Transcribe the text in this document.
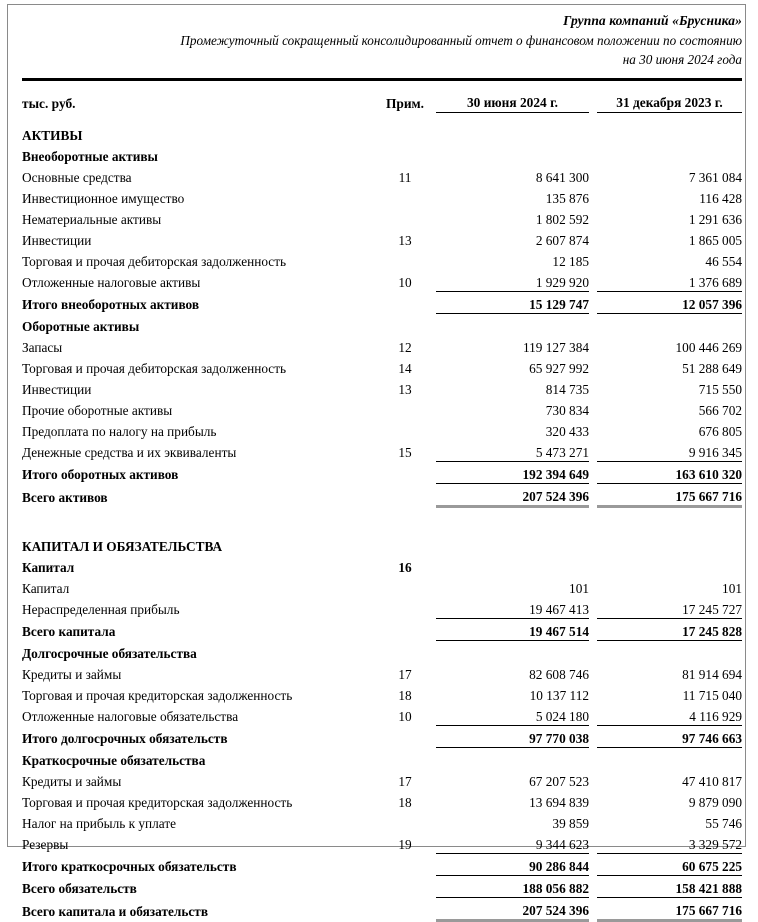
Группа компаний «Брусника»
Промежуточный сокращенный консолидированный отчет о финансовом положении по состоянию
на 30 июня 2024 года
тыс. руб.	Прим.	30 июня 2024 г.		31 декабря 2023 г.

АКТИВЫ				
Внеоборотные активы				
Основные средства	11	8 641 300		7 361 084
Инвестиционное имущество		135 876		116 428
Нематериальные активы		1 802 592		1 291 636
Инвестиции	13	2 607 874		1 865 005
Торговая и прочая дебиторская задолженность		12 185		46 554
Отложенные налоговые активы	10	1 929 920		1 376 689
Итого внеоборотных активов		15 129 747		12 057 396
Оборотные активы				
Запасы	12	119 127 384		100 446 269
Торговая и прочая дебиторская задолженность	14	65 927 992		51 288 649
Инвестиции	13	814 735		715 550
Прочие оборотные активы		730 834		566 702
Предоплата по налогу на прибыль		320 433		676 805
Денежные средства и их эквиваленты	15	5 473 271		9 916 345
Итого оборотных активов		192 394 649		163 610 320
Всего активов		207 524 396		175 667 716

КАПИТАЛ И ОБЯЗАТЕЛЬСТВА				
Капитал	16			
Капитал		101		101
Нераспределенная прибыль		19 467 413		17 245 727
Всего капитала		19 467 514		17 245 828
Долгосрочные обязательства				
Кредиты и займы	17	82 608 746		81 914 694
Торговая и прочая кредиторская задолженность	18	10 137 112		11 715 040
Отложенные налоговые обязательства	10	5 024 180		4 116 929
Итого долгосрочных обязательств		97 770 038		97 746 663
Краткосрочные обязательства				
Кредиты и займы	17	67 207 523		47 410 817
Торговая и прочая кредиторская задолженность	18	13 694 839		9 879 090
Налог на прибыль к уплате		39 859		55 746
Резервы	19	9 344 623		3 329 572
Итого краткосрочных обязательств		90 286 844		60 675 225
Всего обязательств		188 056 882		158 421 888
Всего капитала и обязательств		207 524 396		175 667 716
